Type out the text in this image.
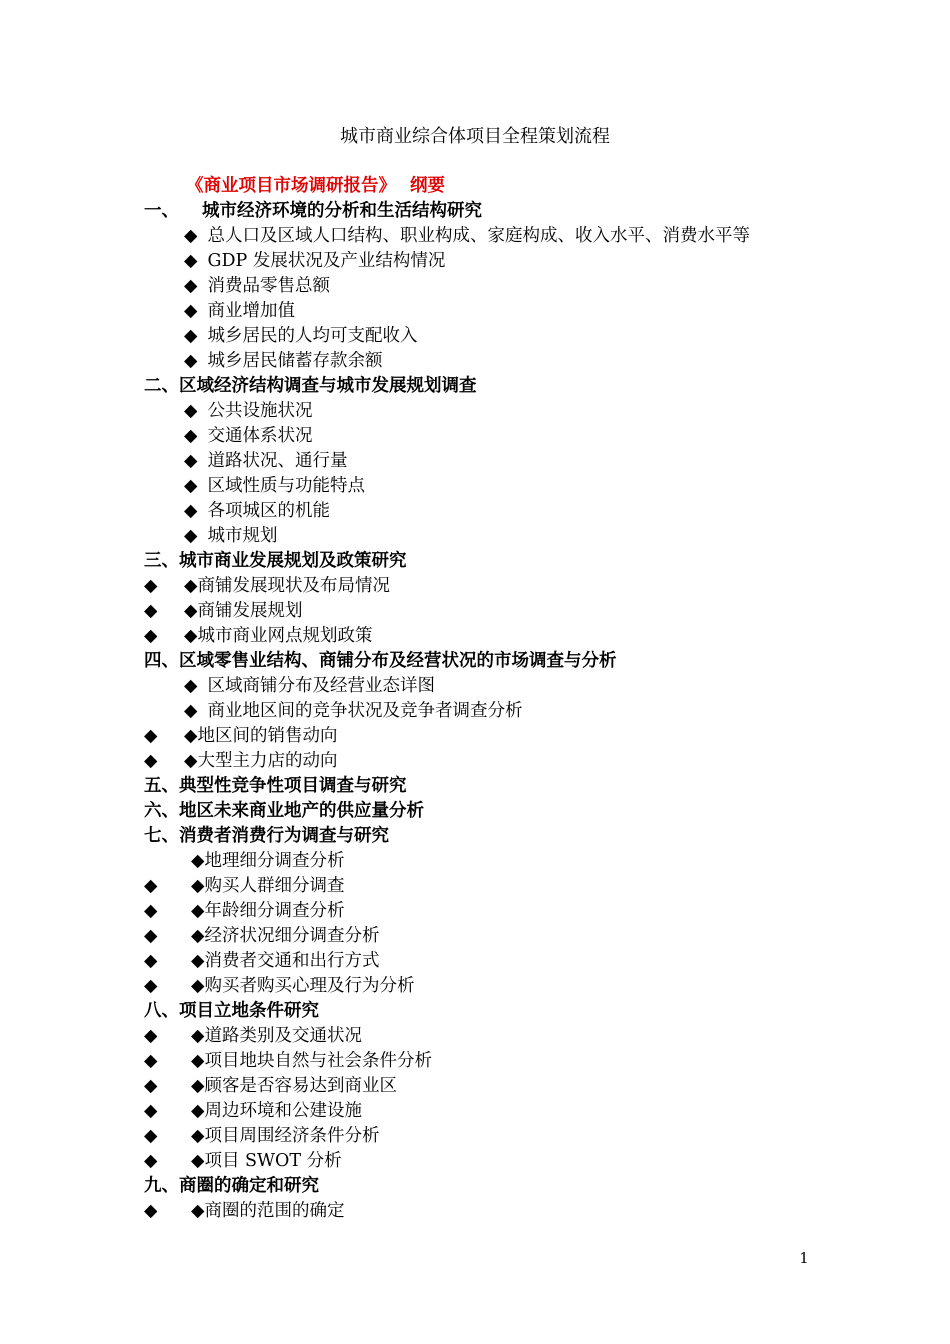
城市商业综合体项目全程策划流程
《商业项目市场调研报告》 纲要
一、 城市经济环境的分析和生活结构研究
◆ 总人口及区域人口结构、职业构成、家庭构成、收入水平、消费水平等
◆ GDP 发展状况及产业结构情况
◆ 消费品零售总额
◆ 商业增加值
◆ 城乡居民的人均可支配收入
◆ 城乡居民储蓄存款余额
二、区域经济结构调查与城市发展规划调查
◆ 公共设施状况
◆ 交通体系状况
◆ 道路状况、通行量
◆ 区域性质与功能特点
◆ 各项城区的机能
◆ 城市规划
三、城市商业发展规划及政策研究
◆ ◆商铺发展现状及布局情况
◆ ◆商铺发展规划
◆ ◆城市商业网点规划政策
四、区域零售业结构、商铺分布及经营状况的市场调查与分析
◆ 区域商铺分布及经营业态详图
◆ 商业地区间的竞争状况及竞争者调查分析
◆ ◆地区间的销售动向
◆ ◆大型主力店的动向
五、典型性竞争性项目调查与研究
六、地区未来商业地产的供应量分析
七、消费者消费行为调查与研究
◆地理细分调查分析
◆ ◆购买人群细分调查
◆ ◆年龄细分调查分析
◆ ◆经济状况细分调查分析
◆ ◆消费者交通和出行方式
◆ ◆购买者购买心理及行为分析
八、项目立地条件研究
◆ ◆道路类别及交通状况
◆ ◆项目地块自然与社会条件分析
◆ ◆顾客是否容易达到商业区
◆ ◆周边环境和公建设施
◆ ◆项目周围经济条件分析
◆ ◆项目 SWOT 分析
九、商圈的确定和研究
◆ ◆商圈的范围的确定
1
